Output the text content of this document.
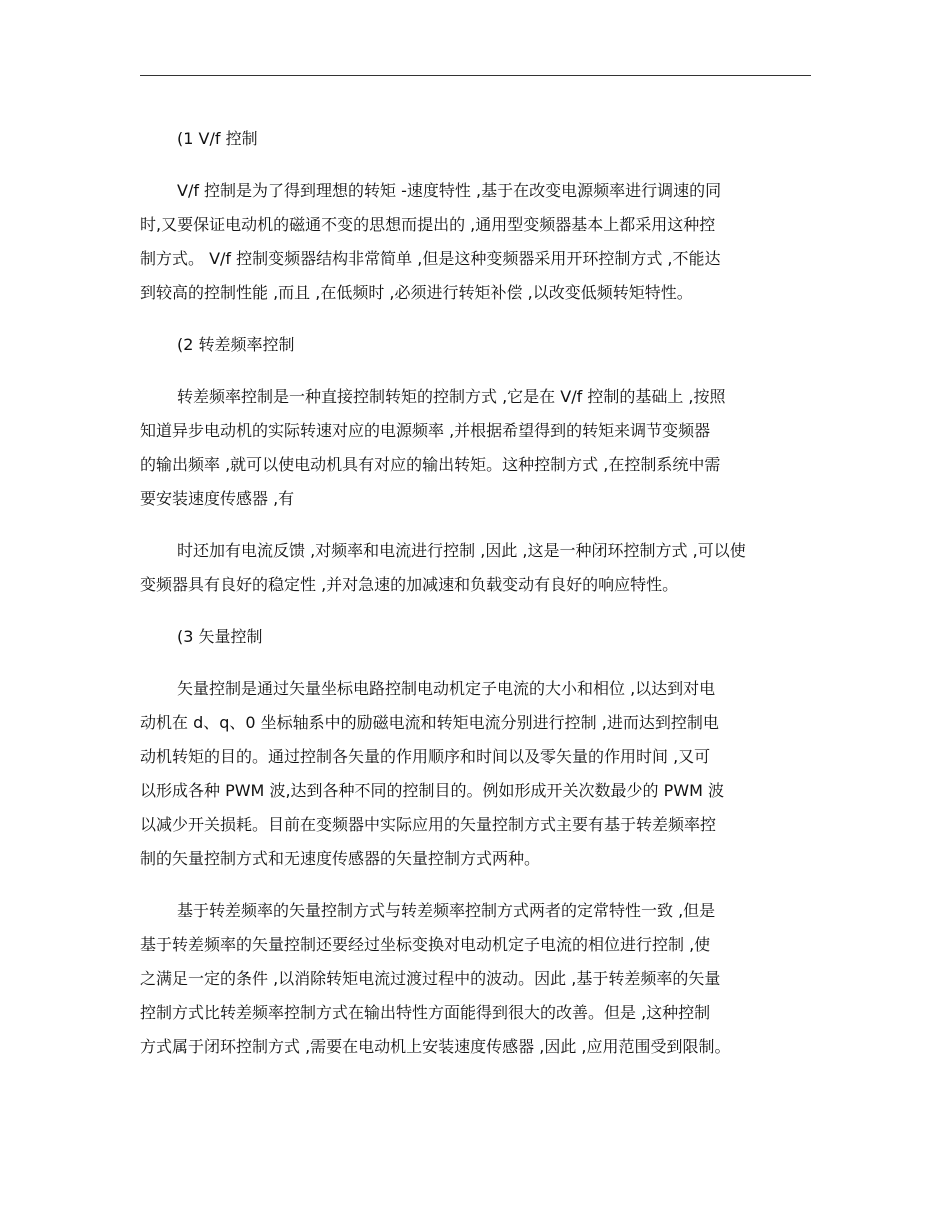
(1 V/f 控制
V/f 控制是为了得到理想的转矩 -速度特性 ,基于在改变电源频率进行调速的同
时,又要保证电动机的磁通不变的思想而提出的 ,通用型变频器基本上都采用这种控
制方式。 V/f 控制变频器结构非常简单 ,但是这种变频器采用开环控制方式 ,不能达
到较高的控制性能 ,而且 ,在低频时 ,必须进行转矩补偿 ,以改变低频转矩特性。
(2 转差频率控制
转差频率控制是一种直接控制转矩的控制方式 ,它是在 V/f 控制的基础上 ,按照
知道异步电动机的实际转速对应的电源频率 ,并根据希望得到的转矩来调节变频器
的输出频率 ,就可以使电动机具有对应的输出转矩。这种控制方式 ,在控制系统中需
要安装速度传感器 ,有
时还加有电流反馈 ,对频率和电流进行控制 ,因此 ,这是一种闭环控制方式 ,可以使
变频器具有良好的稳定性 ,并对急速的加减速和负载变动有良好的响应特性。
(3 矢量控制
矢量控制是通过矢量坐标电路控制电动机定子电流的大小和相位 ,以达到对电
动机在 d、q、0 坐标轴系中的励磁电流和转矩电流分别进行控制 ,进而达到控制电
动机转矩的目的。通过控制各矢量的作用顺序和时间以及零矢量的作用时间 ,又可
以形成各种 PWM 波,达到各种不同的控制目的。例如形成开关次数最少的 PWM 波
以减少开关损耗。目前在变频器中实际应用的矢量控制方式主要有基于转差频率控
制的矢量控制方式和无速度传感器的矢量控制方式两种。
基于转差频率的矢量控制方式与转差频率控制方式两者的定常特性一致 ,但是
基于转差频率的矢量控制还要经过坐标变换对电动机定子电流的相位进行控制 ,使
之满足一定的条件 ,以消除转矩电流过渡过程中的波动。因此 ,基于转差频率的矢量
控制方式比转差频率控制方式在输出特性方面能得到很大的改善。但是 ,这种控制
方式属于闭环控制方式 ,需要在电动机上安装速度传感器 ,因此 ,应用范围受到限制。
